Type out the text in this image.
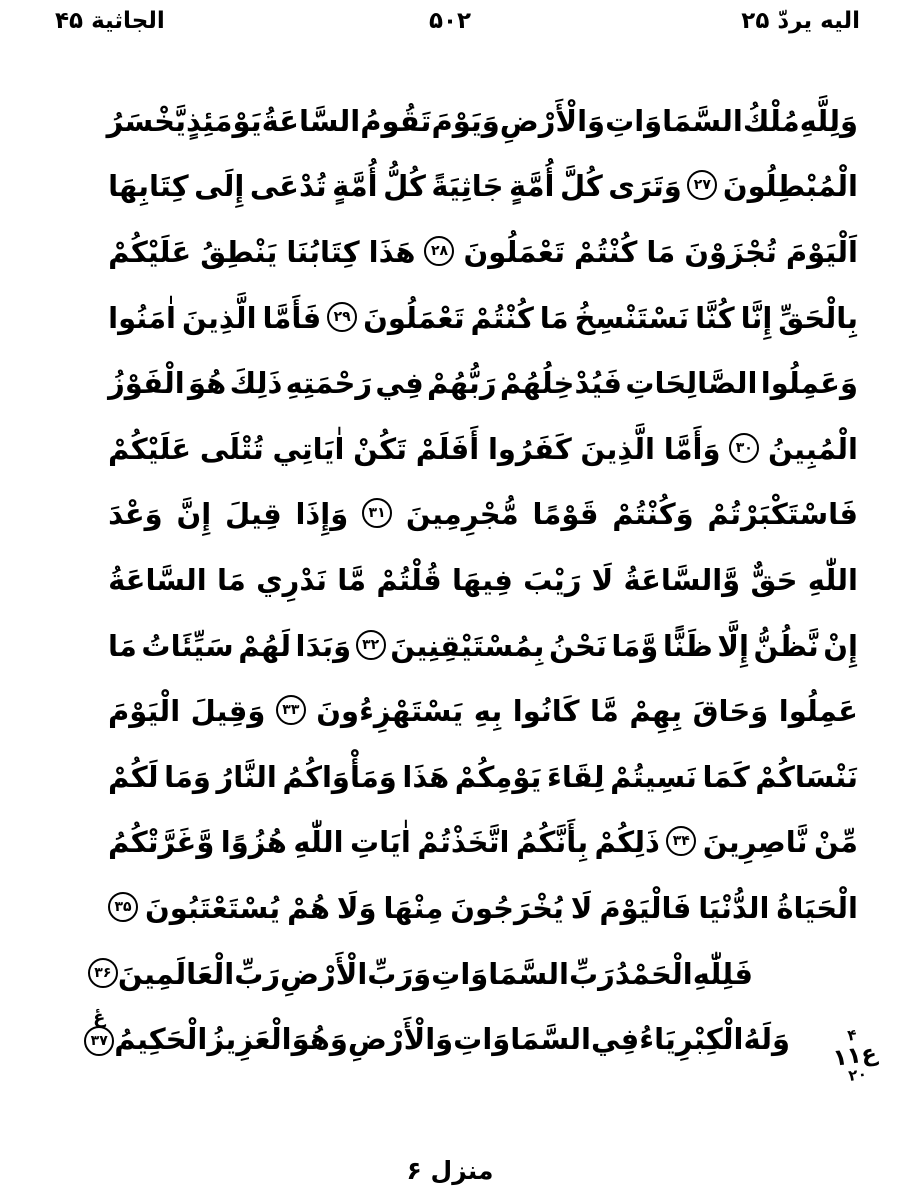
اليه يردّ ۲۵
۵۰۲
الجاثية ۴۵
وَلِلَّهِ
مُلْكُ
السَّمَاوَاتِ
وَالْأَرْضِ
وَيَوْمَ
تَقُومُ
السَّاعَةُ
يَوْمَئِذٍ
يَّخْسَرُ
الْمُبْطِلُونَ
۲۷
وَتَرَى
كُلَّ
أُمَّةٍ
جَاثِيَةً
كُلُّ
أُمَّةٍ
تُدْعَى
إِلَى
كِتَابِهَا
اَلْيَوْمَ
تُجْزَوْنَ
مَا
كُنْتُمْ
تَعْمَلُونَ
۲۸
هَذَا
كِتَابُنَا
يَنْطِقُ
عَلَيْكُمْ
بِالْحَقِّ
إِنَّا
كُنَّا
نَسْتَنْسِخُ
مَا
كُنْتُمْ
تَعْمَلُونَ
۲۹
فَأَمَّا
الَّذِينَ
اٰمَنُوا
وَعَمِلُوا
الصَّالِحَاتِ
فَيُدْخِلُهُمْ
رَبُّهُمْ
فِي
رَحْمَتِهِ
ذَلِكَ
هُوَ
الْفَوْزُ
الْمُبِينُ
۳۰
وَأَمَّا
الَّذِينَ
كَفَرُوا
أَفَلَمْ
تَكُنْ
اٰيَاتِي
تُتْلَى
عَلَيْكُمْ
فَاسْتَكْبَرْتُمْ
وَكُنْتُمْ
قَوْمًا
مُّجْرِمِينَ
۳۱
وَإِذَا
قِيلَ
إِنَّ
وَعْدَ
اللّٰهِ
حَقٌّ
وَّالسَّاعَةُ
لَا
رَيْبَ
فِيهَا
قُلْتُمْ
مَّا
نَدْرِي
مَا
السَّاعَةُ
إِنْ
نَّظُنُّ
إِلَّا
ظَنًّا
وَّمَا
نَحْنُ
بِمُسْتَيْقِنِينَ
۳۲
وَبَدَا
لَهُمْ
سَيِّئَاتُ
مَا
عَمِلُوا
وَحَاقَ
بِهِمْ
مَّا
كَانُوا
بِهِ
يَسْتَهْزِءُونَ
۳۳
وَقِيلَ
الْيَوْمَ
نَنْسَاكُمْ
كَمَا
نَسِيتُمْ
لِقَاءَ
يَوْمِكُمْ
هَذَا
وَمَأْوَاكُمُ
النَّارُ
وَمَا
لَكُمْ
مِّنْ
نَّاصِرِينَ
۳۴
ذَلِكُمْ
بِأَنَّكُمُ
اتَّخَذْتُمْ
اٰيَاتِ
اللّٰهِ
هُزُوًا
وَّغَرَّتْكُمُ
الْحَيَاةُ
الدُّنْيَا
فَالْيَوْمَ
لَا
يُخْرَجُونَ
مِنْهَا
وَلَا
هُمْ
يُسْتَعْتَبُونَ
۳۵
فَلِلّٰهِ
الْحَمْدُ
رَبِّ
السَّمَاوَاتِ
وَرَبِّ
الْأَرْضِ
رَبِّ
الْعَالَمِينَ
۳۶
وَلَهُ
الْكِبْرِيَاءُ
فِي
السَّمَاوَاتِ
وَالْأَرْضِ
وَهُوَ
الْعَزِيزُ
الْحَكِيمُ
عٔ
۳۷	۴
ع۱۱
۲۰
منزل ۶
